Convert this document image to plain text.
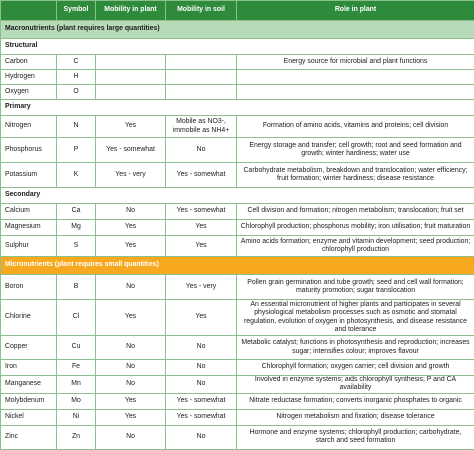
	Symbol	Mobility in plant	Mobility in soil	Role in plant
Macronutrients (plant requires large quantities)				
Structural				
Carbon	C			Energy source for microbial and plant functions
Hydrogen	H			
Oxygen	O			
Primary				
Nitrogen	N	Yes	Mobile as NO3-, immobile as NH4+	Formation of amino acids, vitamins and proteins; cell division
Phosphorus	P	Yes - somewhat	No	Energy storage and transfer; cell growth; root and seed formation and growth; winter hardiness; water use
Potassium	K	Yes - very	Yes - somewhat	Carbohydrate metabolism, breakdown and translocation; water efficiency; fruit formation; winter hardiness; disease resistance
Secondary				
Calcium	Ca	No	Yes - somewhat	Cell division and formation; nitrogen metabolism; translocation; fruit set
Magnesium	Mg	Yes	Yes	Chlorophyll production; phosphorus mobility; iron utilisation; fruit maturation
Sulphur	S	Yes	Yes	Amino acids formation; enzyme and vitamin development; seed production; chlorophyll production
Micronutrients (plant requires small quantities)				
Boron	B	No	Yes - very	Pollen grain germination and tube growth; seed and cell wall formation; maturity promotion; sugar translocation
Chlorine	Cl	Yes	Yes	An essential micronutrient of higher plants and participates in several physiological metabolism processes such as osmotic and stomatal regulation, evolution of oxygen in photosynthesis, and disease resistance and tolerance
Copper	Cu	No	No	Metabolic catalyst; functions in photosynthesis and reproduction; increases sugar; intensifies colour; improves flavour
Iron	Fe	No	No	Chlorophyll formation; oxygen carrier; cell division and growth
Manganese	Mn	No	No	Involved in enzyme systems; aids chlorophyll synthesis; P and CA availability
Molybdenum	Mo	Yes	Yes - somewhat	Nitrate reductase formation; converts inorganic phosphates to organic
Nickel	Ni	Yes	Yes - somewhat	Nitrogen metabolism and fixation; disease tolerance
Zinc	Zn	No	No	Hormone and enzyme systems; chlorophyll production; carbohydrate, starch and seed formation
